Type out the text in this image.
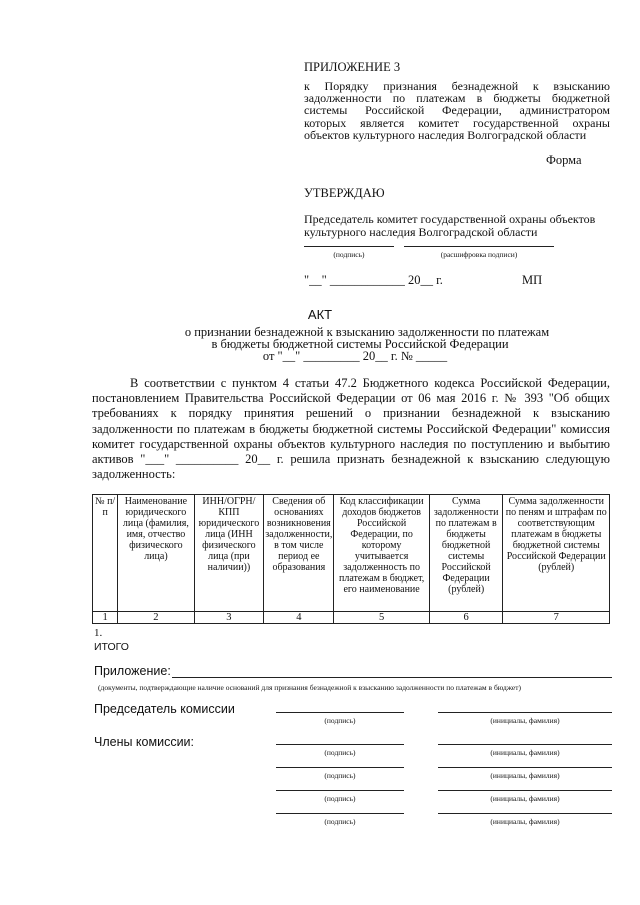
ПРИЛОЖЕНИЕ 3
к Порядку признания безнадежной к взысканию задолженности по платежам в бюджеты бюджетной системы Российской Федерации, администратором которых является комитет государственной охраны объектов культурного наследия Волгоградской области
Форма
УТВЕРЖДАЮ
Председатель комитет государственной охраны объектов культурного наследия Волгоградской области
(подпись)	(расшифровка подписи)
"__" ____________ 20__ г.	МП
АКТ
о признании безнадежной к взысканию задолженности по платежам
в бюджеты бюджетной системы Российской Федерации
от "__" _________ 20__ г. № _____
В соответствии с пунктом 4 статьи 47.2 Бюджетного кодекса Российской Федерации, постановлением Правительства Российской Федерации от 06 мая 2016 г. № 393 "Об общих требованиях к порядку принятия решений о признании безнадежной к взысканию задолженности по платежам в бюджеты бюджетной системы Российской Федерации" комиссия комитет государственной охраны объектов культурного наследия по поступлению и выбытию активов "___" __________ 20__ г. решила признать безнадежной к взысканию следующую задолженность:
№ п/п	Наименование юридического лица (фамилия, имя, отчество физического лица)	ИНН/ОГРН/ КПП юридического лица (ИНН физического лица (при наличии))	Сведения об основаниях возникновения задолженности, в том числе период ее образования	Код классификации доходов бюджетов Российской Федерации, по которому учитывается задолженность по платежам в бюджет, его наименование	Сумма задолженности по платежам в бюджеты бюджетной системы Российской Федерации (рублей)	Сумма задолженности по пеням и штрафам по соответствующим платежам в бюджеты бюджетной системы Российской Федерации (рублей)
1	2	3	4	5	6	7
1.
ИТОГО
Приложение:
(документы, подтверждающие наличие оснований для признания безнадежной к взысканию задолженности по платежам в бюджет)
Председатель комиссии
Члены комиссии:
(подпись)	(инициалы, фамилия)
(подпись)	(инициалы, фамилия)
(подпись)	(инициалы, фамилия)
(подпись)	(инициалы, фамилия)
(подпись)	(инициалы, фамилия)
